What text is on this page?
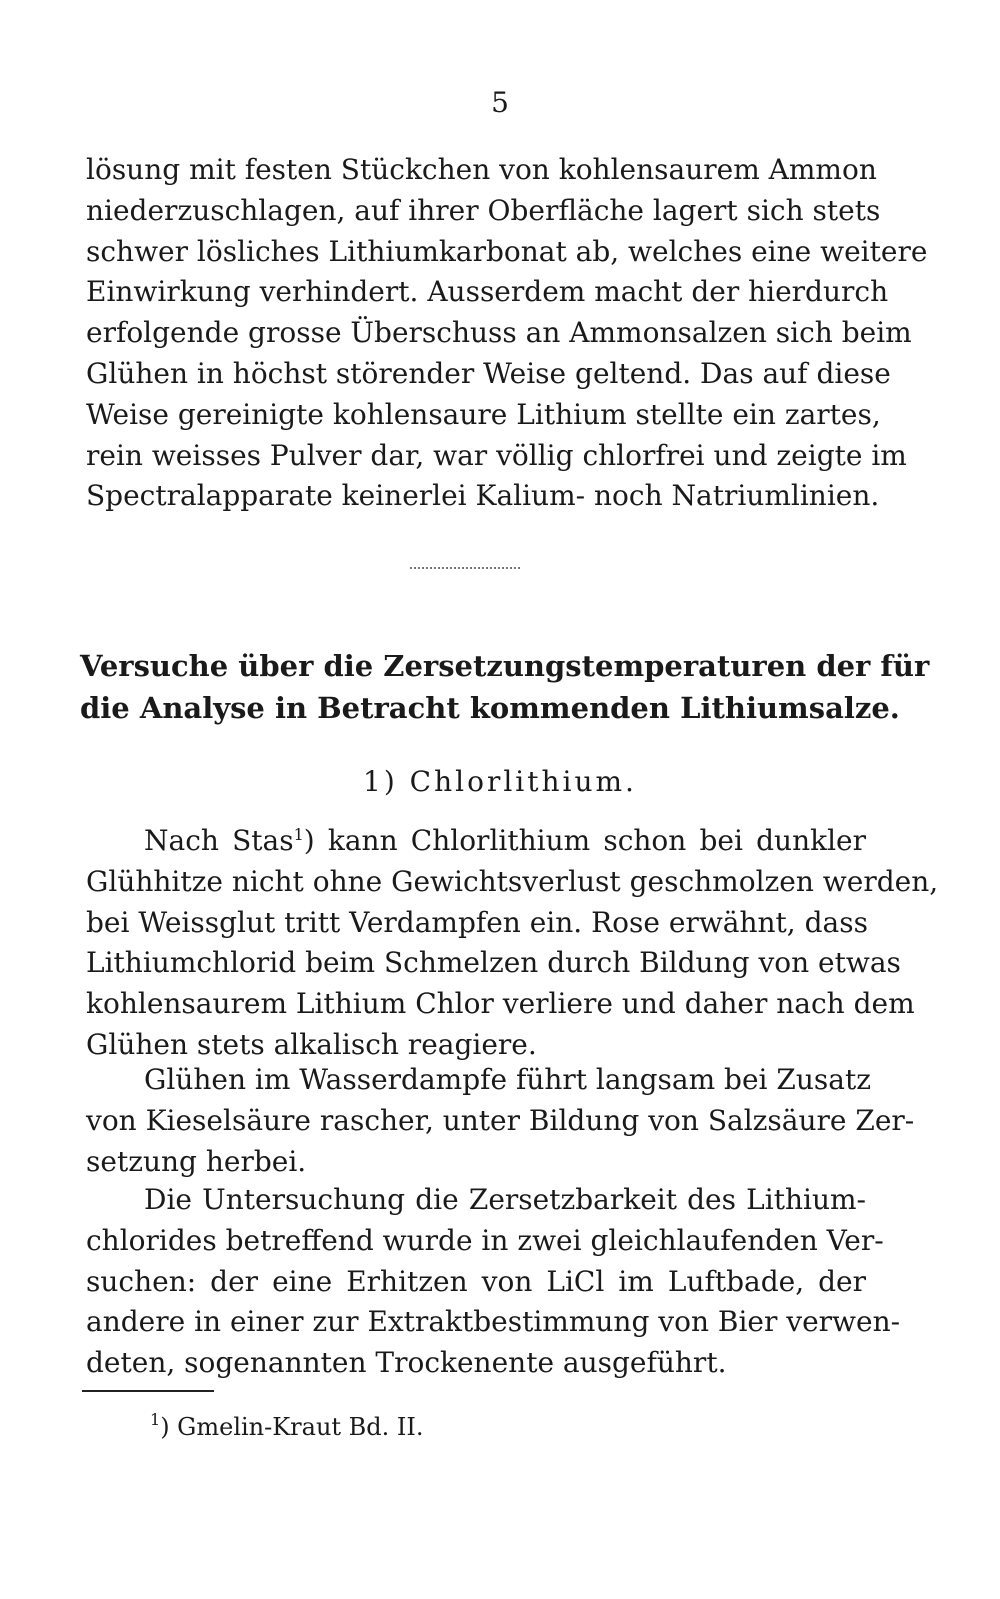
5

lösung mit festen Stückchen von kohlensaurem Ammon
niederzuschlagen, auf ihrer Oberfläche lagert sich stets
schwer lösliches Lithiumkarbonat ab, welches eine weitere
Einwirkung verhindert. Ausserdem macht der hierdurch
erfolgende grosse Überschuss an Ammonsalzen sich beim
Glühen in höchst störender Weise geltend. Das auf diese
Weise gereinigte kohlensaure Lithium stellte ein zartes,
rein weisses Pulver dar, war völlig chlorfrei und zeigte im
Spectralapparate keinerlei Kalium- noch Natriumlinien.

Versuche über die Zersetzungstemperaturen der für
die Analyse in Betracht kommenden Lithiumsalze.
1) Chlorlithium.

Nach Stas$^1$) kann Chlorlithium schon bei dunkler
Glühhitze nicht ohne Gewichtsverlust geschmolzen werden,
bei Weissglut tritt Verdampfen ein. Rose erwähnt, dass
Lithiumchlorid beim Schmelzen durch Bildung von etwas
kohlensaurem Lithium Chlor verliere und daher nach dem
Glühen stets alkalisch reagiere.

Glühen im Wasserdampfe führt langsam bei Zusatz
von Kieselsäure rascher, unter Bildung von Salzsäure Zer-
setzung herbei.

Die Untersuchung die Zersetzbarkeit des Lithium-
chlorides betreffend wurde in zwei gleichlaufenden Ver-
suchen: der eine Erhitzen von LiCl im Luftbade, der
andere in einer zur Extraktbestimmung von Bier verwen-
deten, sogenannten Trockenente ausgeführt.

$^1$) Gmelin-Kraut Bd. II.
